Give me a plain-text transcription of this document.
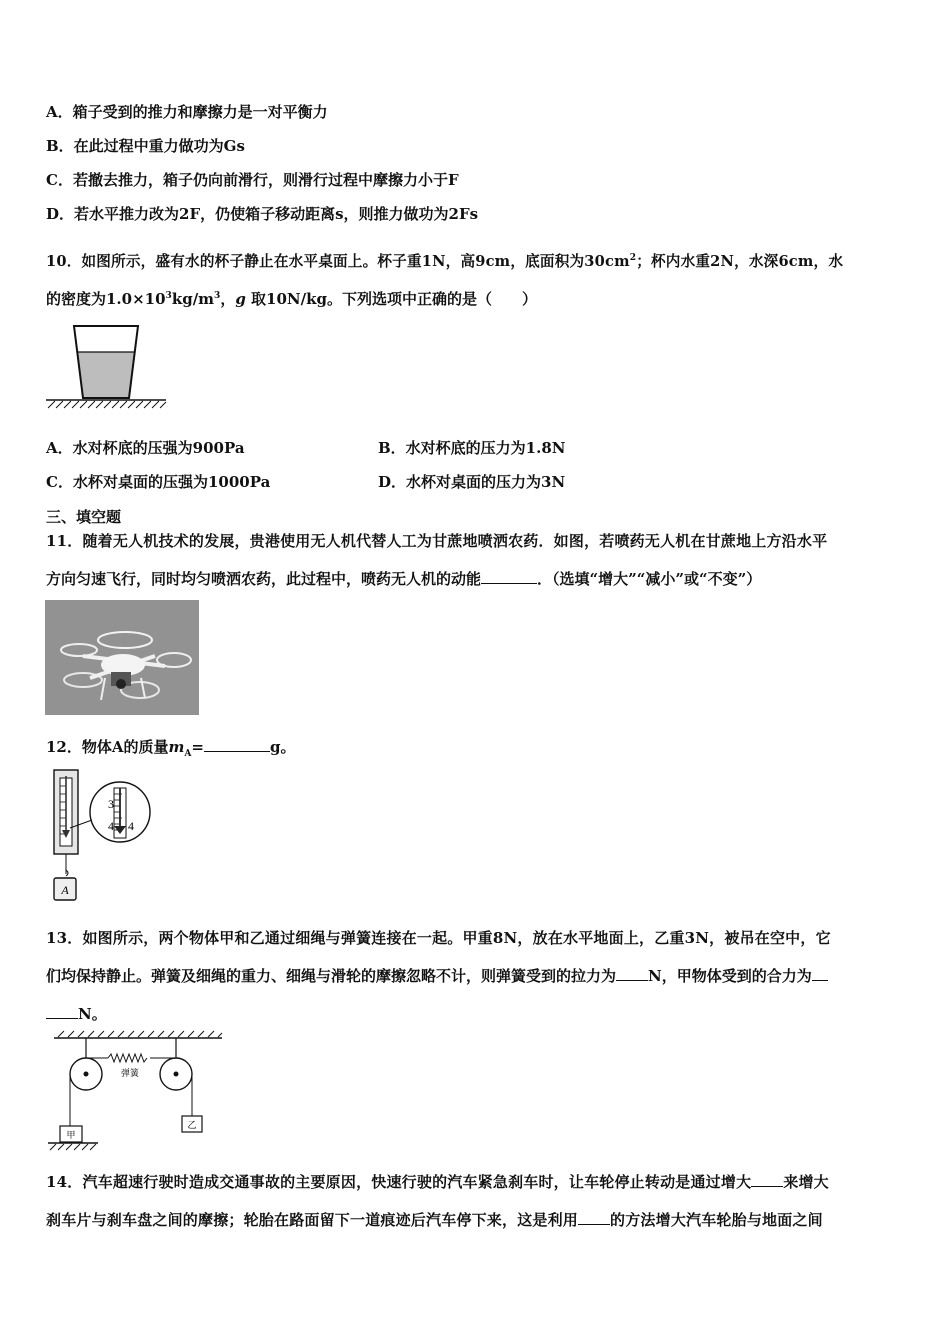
A．箱子受到的推力和摩擦力是一对平衡力
B．在此过程中重力做功为Gs
C．若撤去推力，箱子仍向前滑行，则滑行过程中摩擦力小于F
D．若水平推力改为2F，仍使箱子移动距离s，则推力做功为2Fs
10．如图所示，盛有水的杯子静止在水平桌面上。杯子重1N，高9cm，底面积为$30cm^2$；杯内水重2N，水深6cm，水
的密度为$1.0\times 10^3kg/m^3$，g 取10N/kg。下列选项中正确的是（　　）
A．水对杯底的压强为900Pa	B．水对杯底的压力为1.8N
C．水杯对桌面的压强为1000Pa	D．水杯对桌面的压力为3N
三、填空题
11．随着无人机技术的发展，贵港使用无人机代替人工为甘蔗地喷洒农药．如图，若喷药无人机在甘蔗地上方沿水平
方向匀速飞行，同时均匀喷洒农药，此过程中，喷药无人机的动能	．（选填“增大”“减小”或“不变”）
12．物体A的质量$m_A=$	g。
A
3
4 4
13．如图所示，两个物体甲和乙通过细绳与弹簧连接在一起。甲重8N，放在水平地面上，乙重3N，被吊在空中，它
们均保持静止。弹簧及细绳的重力、细绳与滑轮的摩擦忽略不计，则弹簧受到的拉力为 N，甲物体受到的合力为
N。
弹簧
甲
乙
14．汽车超速行驶时造成交通事故的主要原因，快速行驶的汽车紧急刹车时，让车轮停止转动是通过增大 来增大
刹车片与刹车盘之间的摩擦；轮胎在路面留下一道痕迹后汽车停下来，这是利用 的方法增大汽车轮胎与地面之间
